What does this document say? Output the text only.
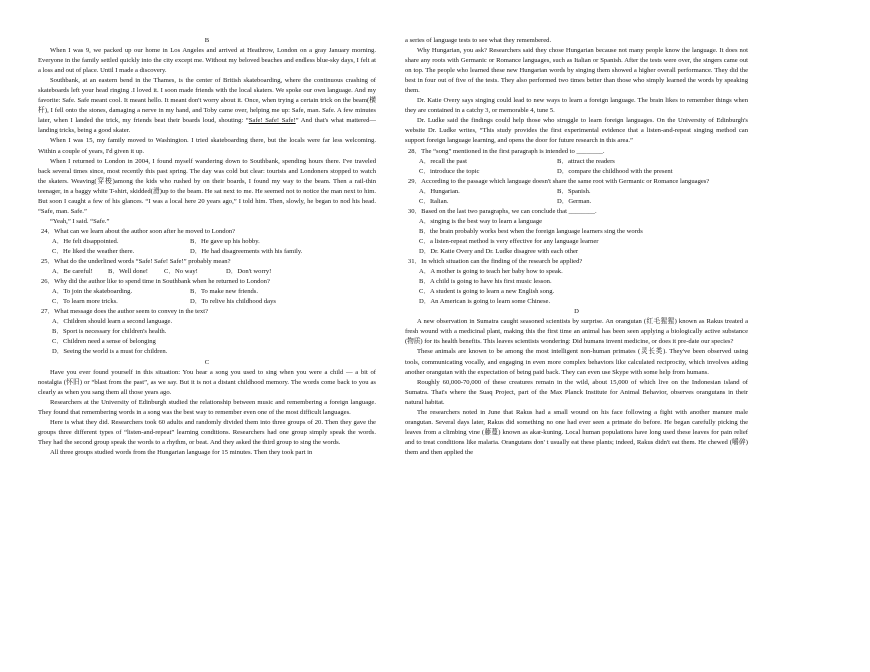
B

When I was 9, we packed up our home in Los Angeles and arrived at Heathrow, London on a gray January morning. Everyone in the family settled quickly into the city except me. Without my beloved beaches and endless blue-sky days, I felt at a loss and out of place. Until I made a discovery.

Southbank, at an eastern bend in the Thames, is the center of British skateboarding, where the continuous crashing of skateboards left your head ringing .I loved it. I soon made friends with the local skaters. We spoke our own language. And my favorite: Safe. Safe meant cool. It meant hello. It meant don't worry about it. Once, when trying a certain trick on the beam(横杆), I fell onto the stones, damaging a nerve in my hand, and Toby came over, helping me up: Safe, man. Safe. A few minutes later, when I landed the trick, my friends beat their boards loud, shouting: “Safe! Safe! Safe!” And that's what mattered—landing tricks, being a good skater.

When I was 15, my family moved to Washington. I tried skateboarding there, but the locals were far less welcoming. Within a couple of years, I'd given it up.

When I returned to London in 2004, I found myself wandering down to Southbank, spending hours there. I've traveled back several times since, most recently this past spring. The day was cold but clear: tourists and Londoners stopped to watch the skaters. Weaving(穿梭)among the kids who rushed by on their boards, I found my way to the beam. Then a rail-thin teenager, in a baggy white T-shirt, skidded(滑)up to the beam. He sat next to me. He seemed not to notice the man next to him. But soon I caught a few of his glances. “I was a local here 20 years ago,” I told him. Then, slowly, he began to nod his head. “Safe, man. Safe.”

“Yeah,” I said. “Safe.”

24．What can we learn about the author soon after he moved to London?

A．He felt disappointed.	B．He gave up his hobby.
C．He liked the weather there.	D．He had disagreements with his family.

25．What do the underlined words “Safe! Safe! Safe!” probably mean?

A．Be careful!	B．Well done!	C．No way!	D．Don't worry!

26．Why did the author like to spend time in Southbank when he returned to London?

A．To join the skateboarding.	B．To make new friends.
C．To learn more tricks.	D．To relive his childhood days

27．What message does the author seem to convey in the text?

A．Children should learn a second language.
B．Sport is necessary for children's health.
C．Children need a sense of belonging
D．Seeing the world is a must for children.

C

Have you ever found yourself in this situation: You hear a song you used to sing when you were a child — a bit of nostalgia (怀旧) or “blast from the past”, as we say. But it is not a distant childhood memory. The words come back to you as clearly as when you sang them all those years ago.

Researchers at the University of Edinburgh studied the relationship between music and remembering a foreign language. They found that remembering words in a song was the best way to remember even one of the most difficult languages.

Here is what they did. Researchers took 60 adults and randomly divided them into three groups of 20. Then they gave the groups three different types of “listen-and-repeat” learning conditions. Researchers had one group simply speak the words. They had the second group speak the words to a rhythm, or beat. And they asked the third group to sing the words.

All three groups studied words from the Hungarian language for 15 minutes. Then they took part in

a series of language tests to see what they remembered.

Why Hungarian, you ask? Researchers said they chose Hungarian because not many people know the language. It does not share any roots with Germanic or Romance languages, such as Italian or Spanish. After the tests were over, the singers came out on top. The people who learned these new Hungarian words by singing them showed a higher overall performance. They did the best in four out of five of the tests. They also performed two times better than those who simply learned the words by speaking them.

Dr. Katie Overy says singing could lead to new ways to learn a foreign language. The brain likes to remember things when they are contained in a catchy 3, or memorable 4, tune 5.

Dr. Ludke said the findings could help those who struggle to learn foreign languages. On the University of Edinburgh's website Dr. Ludke writes, “This study provides the first experimental evidence that a listen-and-repeat singing method can support foreign language learning, and opens the door for future research in this area.”

28．The “song” mentioned in the first paragraph is intended to ________.

A．recall the past	B．attract the readers
C．introduce the topic	D．compare the childhood with the present

29．According to the passage which language doesn't share the same root with Germanic or Romance languages?

A．Hungarian.	B．Spanish.
C．Italian.	D．German.

30．Based on the last two paragraphs, we can conclude that ________.

A．singing is the best way to learn a language
B．the brain probably works best when the foreign language learners sing the words
C．a listen-repeat method is very effective for any language learner
D．Dr. Katie Overy and Dr. Ludke disagree with each other

31．In which situation can the finding of the research be applied?

A．A mother is going to teach her baby how to speak.
B．A child is going to have his first music lesson.
C．A student is going to learn a new English song.
D．An American is going to learn some Chinese.

D

A new observation in Sumatra caught seasoned scientists by surprise. An orangutan (红毛猩猩) known as Rakus treated a fresh wound with a medicinal plant, making this the first time an animal has been seen applying a biologically active substance (物质) for its health benefits. This leaves scientists wondering: Did humans invent medicine, or does it pre-date our species?

These animals are known to be among the most intelligent non-human primates (灵长类). They've been observed using tools, communicating vocally, and engaging in even more complex behaviors like calculated reciprocity, which involves aiding another orangutan with the expectation of being paid back. They can even use Skype with some help from humans.

Roughly 60,000-70,000 of these creatures remain in the wild, about 15,000 of which live on the Indonesian island of Sumatra. That's where the Suaq Project, part of the Max Planck Institute for Animal Behavior, observes orangutans in their natural habitat.

The researchers noted in June that Rakus had a small wound on his face following a fight with another manure male orangutan. Several days later, Rakus did something no one had ever seen a primate do before. He began carefully picking the leaves from a climbing vine (藤蔓) known as akar-kuning. Local human populations have long used these leaves for pain relief and to treat conditions like malaria. Orangutans don' t usually eat these plants; indeed, Rakus didn't eat them. He chewed (嚼碎) them and then applied the
